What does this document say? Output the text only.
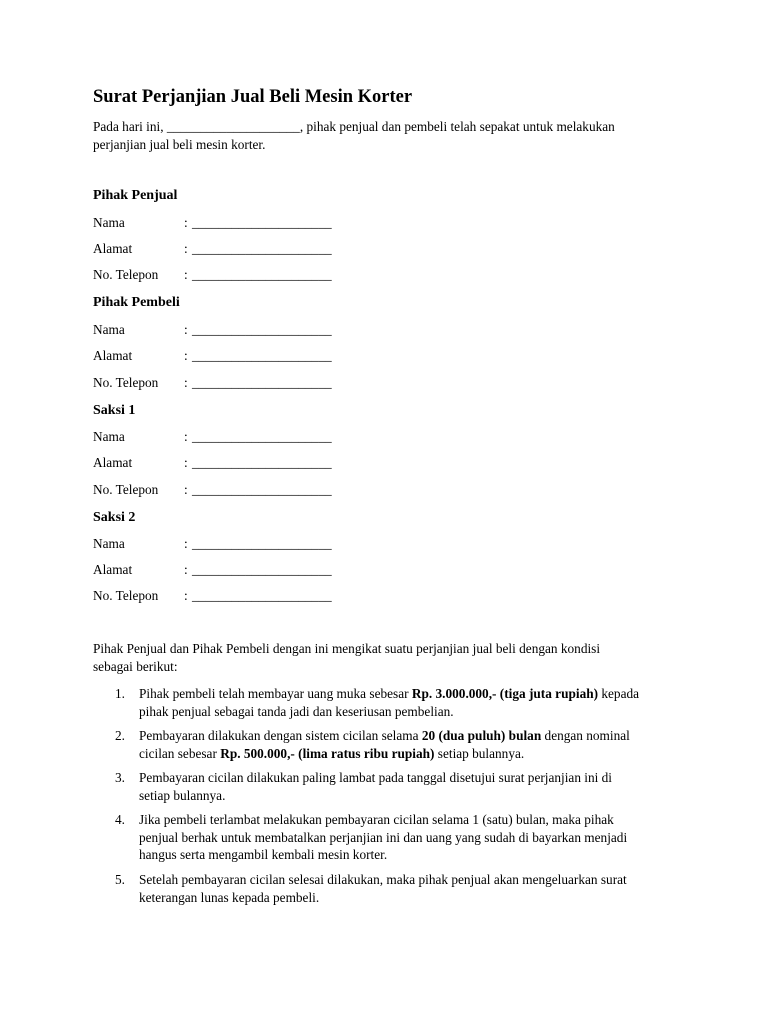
Surat Perjanjian Jual Beli Mesin Korter

Pada hari ini, ____________________, pihak penjual dan pembeli telah sepakat untuk melakukan
perjanjian jual beli mesin korter.

Pihak Penjual
Nama	: _____________________
Alamat	: _____________________
No. Telepon : _____________________
Pihak Pembeli
Nama	: _____________________
Alamat	: _____________________
No. Telepon : _____________________
Saksi 1
Nama	: _____________________
Alamat	: _____________________
No. Telepon : _____________________
Saksi 2
Nama	: _____________________
Alamat	: _____________________
No. Telepon : _____________________

Pihak Penjual dan Pihak Pembeli dengan ini mengikat suatu perjanjian jual beli dengan kondisi
sebagai berikut:

1. Pihak pembeli telah membayar uang muka sebesar Rp. 3.000.000,- (tiga juta rupiah) kepada
pihak penjual sebagai tanda jadi dan keseriusan pembelian.

2. Pembayaran dilakukan dengan sistem cicilan selama 20 (dua puluh) bulan dengan nominal
cicilan sebesar Rp. 500.000,- (lima ratus ribu rupiah) setiap bulannya.

3. Pembayaran cicilan dilakukan paling lambat pada tanggal disetujui surat perjanjian ini di
setiap bulannya.

4. Jika pembeli terlambat melakukan pembayaran cicilan selama 1 (satu) bulan, maka pihak
penjual berhak untuk membatalkan perjanjian ini dan uang yang sudah di bayarkan menjadi
hangus serta mengambil kembali mesin korter.

5. Setelah pembayaran cicilan selesai dilakukan, maka pihak penjual akan mengeluarkan surat
keterangan lunas kepada pembeli.
